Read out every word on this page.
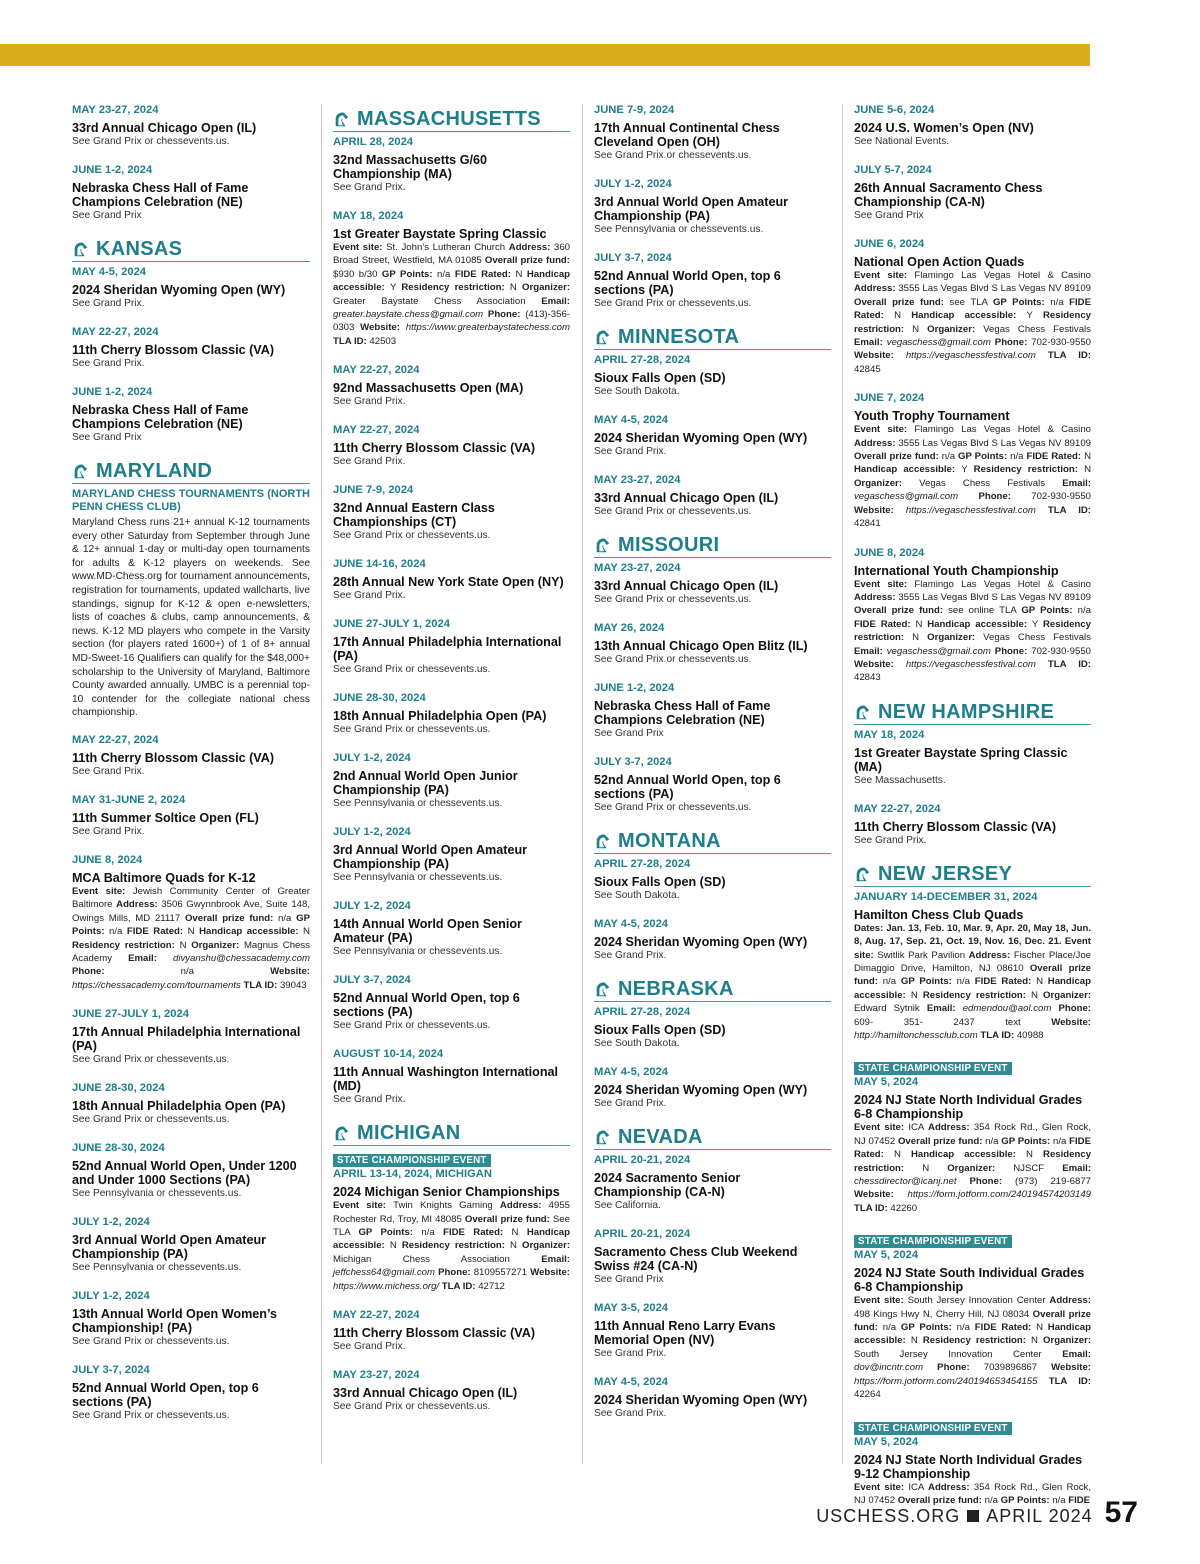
MAY 23-27, 2024
33rd Annual Chicago Open (IL)
See Grand Prix or chessevents.us.
JUNE 1-2, 2024
Nebraska Chess Hall of Fame Champions Celebration (NE)
See Grand Prix
KANSAS
MAY 4-5, 2024
2024 Sheridan Wyoming Open (WY)
See Grand Prix.
MAY 22-27, 2024
11th Cherry Blossom Classic (VA)
See Grand Prix.
JUNE 1-2, 2024
Nebraska Chess Hall of Fame Champions Celebration (NE)
See Grand Prix
MARYLAND
MARYLAND CHESS TOURNAMENTS (NORTH PENN CHESS CLUB)
Maryland Chess runs 21+ annual K-12 tournaments every other Saturday from September through June & 12+ annual 1-day or multi-day open tournaments for adults & K-12 players on weekends. See www.MD-Chess.org for tournament announcements, registration for tournaments, updated wallcharts, live standings, signup for K-12 & open e-newsletters, lists of coaches & clubs, camp announcements, & news. K-12 MD players who compete in the Varsity section (for players rated 1600+) of 1 of 8+ annual MD-Sweet-16 Qualifiers can qualify for the $48,000+ scholarship to the University of Maryland, Baltimore County awarded annually. UMBC is a perennial top-10 contender for the collegiate national chess championship.
MAY 22-27, 2024
11th Cherry Blossom Classic (VA)
See Grand Prix.
MAY 31-JUNE 2, 2024
11th Summer Soltice Open (FL)
See Grand Prix.
JUNE 8, 2024
MCA Baltimore Quads for K-12
Event site: Jewish Community Center of Greater Baltimore Address: 3506 Gwynnbrook Ave, Suite 148, Owings Mills, MD 21117 Overall prize fund: n/a GP Points: n/a FIDE Rated: N Handicap accessible: N Residency restriction: N Organizer: Magnus Chess Academy Email: divyanshu@chessacademy.com Phone: n/a Website: https://chessacademy.com/tournaments TLA ID: 39043
JUNE 27-JULY 1, 2024
17th Annual Philadelphia International (PA)
See Grand Prix or chessevents.us.
JUNE 28-30, 2024
18th Annual Philadelphia Open (PA)
See Grand Prix or chessevents.us.
JUNE 28-30, 2024
52nd Annual World Open, Under 1200 and Under 1000 Sections (PA)
See Pennsylvania or chessevents.us.
JULY 1-2, 2024
3rd Annual World Open Amateur Championship (PA)
See Pennsylvania or chessevents.us.
JULY 1-2, 2024
13th Annual World Open Women’s Championship! (PA)
See Grand Prix or chessevents.us.
JULY 3-7, 2024
52nd Annual World Open, top 6 sections (PA)
See Grand Prix or chessevents.us.
MASSACHUSETTS
APRIL 28, 2024
32nd Massachusetts G/60 Championship (MA)
See Grand Prix.
MAY 18, 2024
1st Greater Baystate Spring Classic
Event site: St. John’s Lutheran Church Address: 360 Broad Street, Westfield, MA 01085 Overall prize fund: $930 b/30 GP Points: n/a FIDE Rated: N Handicap accessible: Y Residency restriction: N Organizer: Greater Baystate Chess Association Email: greater.baystate.chess@gmail.com Phone: (413)-356-0303 Website: https://www.greaterbaystatechess.com TLA ID: 42503
MAY 22-27, 2024
92nd Massachusetts Open (MA)
See Grand Prix.
MAY 22-27, 2024
11th Cherry Blossom Classic (VA)
See Grand Prix.
JUNE 7-9, 2024
32nd Annual Eastern Class Championships (CT)
See Grand Prix or chessevents.us.
JUNE 14-16, 2024
28th Annual New York State Open (NY)
See Grand Prix.
JUNE 27-JULY 1, 2024
17th Annual Philadelphia International (PA)
See Grand Prix or chessevents.us.
JUNE 28-30, 2024
18th Annual Philadelphia Open (PA)
See Grand Prix or chessevents.us.
JULY 1-2, 2024
2nd Annual World Open Junior Championship (PA)
See Pennsylvania or chessevents.us.
JULY 1-2, 2024
3rd Annual World Open Amateur Championship (PA)
See Pennsylvania or chessevents.us.
JULY 1-2, 2024
14th Annual World Open Senior Amateur (PA)
See Pennsylvania or chessevents.us.
JULY 3-7, 2024
52nd Annual World Open, top 6 sections (PA)
See Grand Prix or chessevents.us.
AUGUST 10-14, 2024
11th Annual Washington International (MD)
See Grand Prix.
MICHIGAN
STATE CHAMPIONSHIP EVENT
APRIL 13-14, 2024, MICHIGAN
2024 Michigan Senior Championships
Event site: Twin Knights Gaming Address: 4955 Rochester Rd, Troy, MI 48085 Overall prize fund: See TLA GP Points: n/a FIDE Rated: N Handicap accessible: N Residency restriction: N Organizer: Michigan Chess Association Email: jeffchess64@gmail.com Phone: 8109557271 Website: https://www.michess.org/ TLA ID: 42712
MAY 22-27, 2024
11th Cherry Blossom Classic (VA)
See Grand Prix.
MAY 23-27, 2024
33rd Annual Chicago Open (IL)
See Grand Prix or chessevents.us.
JUNE 7-9, 2024
17th Annual Continental Chess Cleveland Open (OH)
See Grand Prix or chessevents.us.
JULY 1-2, 2024
3rd Annual World Open Amateur Championship (PA)
See Pennsylvania or chessevents.us.
JULY 3-7, 2024
52nd Annual World Open, top 6 sections (PA)
See Grand Prix or chessevents.us.
MINNESOTA
APRIL 27-28, 2024
Sioux Falls Open (SD)
See South Dakota.
MAY 4-5, 2024
2024 Sheridan Wyoming Open (WY)
See Grand Prix.
MAY 23-27, 2024
33rd Annual Chicago Open (IL)
See Grand Prix or chessevents.us.
MISSOURI
MAY 23-27, 2024
33rd Annual Chicago Open (IL)
See Grand Prix or chessevents.us.
MAY 26, 2024
13th Annual Chicago Open Blitz (IL)
See Grand Prix or chessevents.us.
JUNE 1-2, 2024
Nebraska Chess Hall of Fame Champions Celebration (NE)
See Grand Prix
JULY 3-7, 2024
52nd Annual World Open, top 6 sections (PA)
See Grand Prix or chessevents.us.
MONTANA
APRIL 27-28, 2024
Sioux Falls Open (SD)
See South Dakota.
MAY 4-5, 2024
2024 Sheridan Wyoming Open (WY)
See Grand Prix.
NEBRASKA
APRIL 27-28, 2024
Sioux Falls Open (SD)
See South Dakota.
MAY 4-5, 2024
2024 Sheridan Wyoming Open (WY)
See Grand Prix.
NEVADA
APRIL 20-21, 2024
2024 Sacramento Senior Championship (CA-N)
See California.
APRIL 20-21, 2024
Sacramento Chess Club Weekend Swiss #24 (CA-N)
See Grand Prix
MAY 3-5, 2024
11th Annual Reno Larry Evans Memorial Open (NV)
See Grand Prix.
MAY 4-5, 2024
2024 Sheridan Wyoming Open (WY)
See Grand Prix.
JUNE 5-6, 2024
2024 U.S. Women’s Open (NV)
See National Events.
JULY 5-7, 2024
26th Annual Sacramento Chess Championship (CA-N)
See Grand Prix
JUNE 6, 2024
National Open Action Quads
Event site: Flamingo Las Vegas Hotel & Casino Address: 3555 Las Vegas Blvd S Las Vegas NV 89109 Overall prize fund: see TLA GP Points: n/a FIDE Rated: N Handicap accessible: Y Residency restriction: N Organizer: Vegas Chess Festivals Email: vegaschess@gmail.com Phone: 702-930-9550 Website: https://vegaschessfestival.com TLA ID: 42845
JUNE 7, 2024
Youth Trophy Tournament
Event site: Flamingo Las Vegas Hotel & Casino Address: 3555 Las Vegas Blvd S Las Vegas NV 89109 Overall prize fund: n/a GP Points: n/a FIDE Rated: N Handicap accessible: Y Residency restriction: N Organizer: Vegas Chess Festivals Email: vegaschess@gmail.com Phone: 702-930-9550 Website: https://vegaschessfestival.com TLA ID: 42841
JUNE 8, 2024
International Youth Championship
Event site: Flamingo Las Vegas Hotel & Casino Address: 3555 Las Vegas Blvd S Las Vegas NV 89109 Overall prize fund: see online TLA GP Points: n/a FIDE Rated: N Handicap accessible: Y Residency restriction: N Organizer: Vegas Chess Festivals Email: vegaschess@gmail.com Phone: 702-930-9550 Website: https://vegaschessfestival.com TLA ID: 42843
NEW HAMPSHIRE
MAY 18, 2024
1st Greater Baystate Spring Classic (MA)
See Massachusetts.
MAY 22-27, 2024
11th Cherry Blossom Classic (VA)
See Grand Prix.
NEW JERSEY
JANUARY 14-DECEMBER 31, 2024
Hamilton Chess Club Quads
Dates: Jan. 13, Feb. 10, Mar. 9, Apr. 20, May 18, Jun. 8, Aug. 17, Sep. 21, Oct. 19, Nov. 16, Dec. 21. Event site: Switlik Park Pavilion Address: Fischer Place/Joe Dimaggio Drive, Hamilton, NJ 08610 Overall prize fund: n/a GP Points: n/a FIDE Rated: N Handicap accessible: N Residency restriction: N Organizer: Edward Sytnik Email: edmendou@aol.com Phone: 609- 351- 2437 text Website: http://hamiltonchessclub.com TLA ID: 40988
STATE CHAMPIONSHIP EVENT
MAY 5, 2024
2024 NJ State North Individual Grades 6-8 Championship
Event site: ICA Address: 354 Rock Rd., Glen Rock, NJ 07452 Overall prize fund: n/a GP Points: n/a FIDE Rated: N Handicap accessible: N Residency restriction: N Organizer: NJSCF Email: chessdirector@icanj.net Phone: (973) 219-6877 Website: https://form.jotform.com/240194574203149 TLA ID: 42260
STATE CHAMPIONSHIP EVENT
MAY 5, 2024
2024 NJ State South Individual Grades 6-8 Championship
Event site: South Jersey Innovation Center Address: 498 Kings Hwy N, Cherry Hill, NJ 08034 Overall prize fund: n/a GP Points: n/a FIDE Rated: N Handicap accessible: N Residency restriction: N Organizer: South Jersey Innovation Center Email: dov@incntr.com Phone: 7039896867 Website: https://form.jotform.com/240194653454155 TLA ID: 42264
STATE CHAMPIONSHIP EVENT
MAY 5, 2024
2024 NJ State North Individual Grades 9-12 Championship
Event site: ICA Address: 354 Rock Rd., Glen Rock, NJ 07452 Overall prize fund: n/a GP Points: n/a FIDE
USCHESS.ORG APRIL 2024 57
